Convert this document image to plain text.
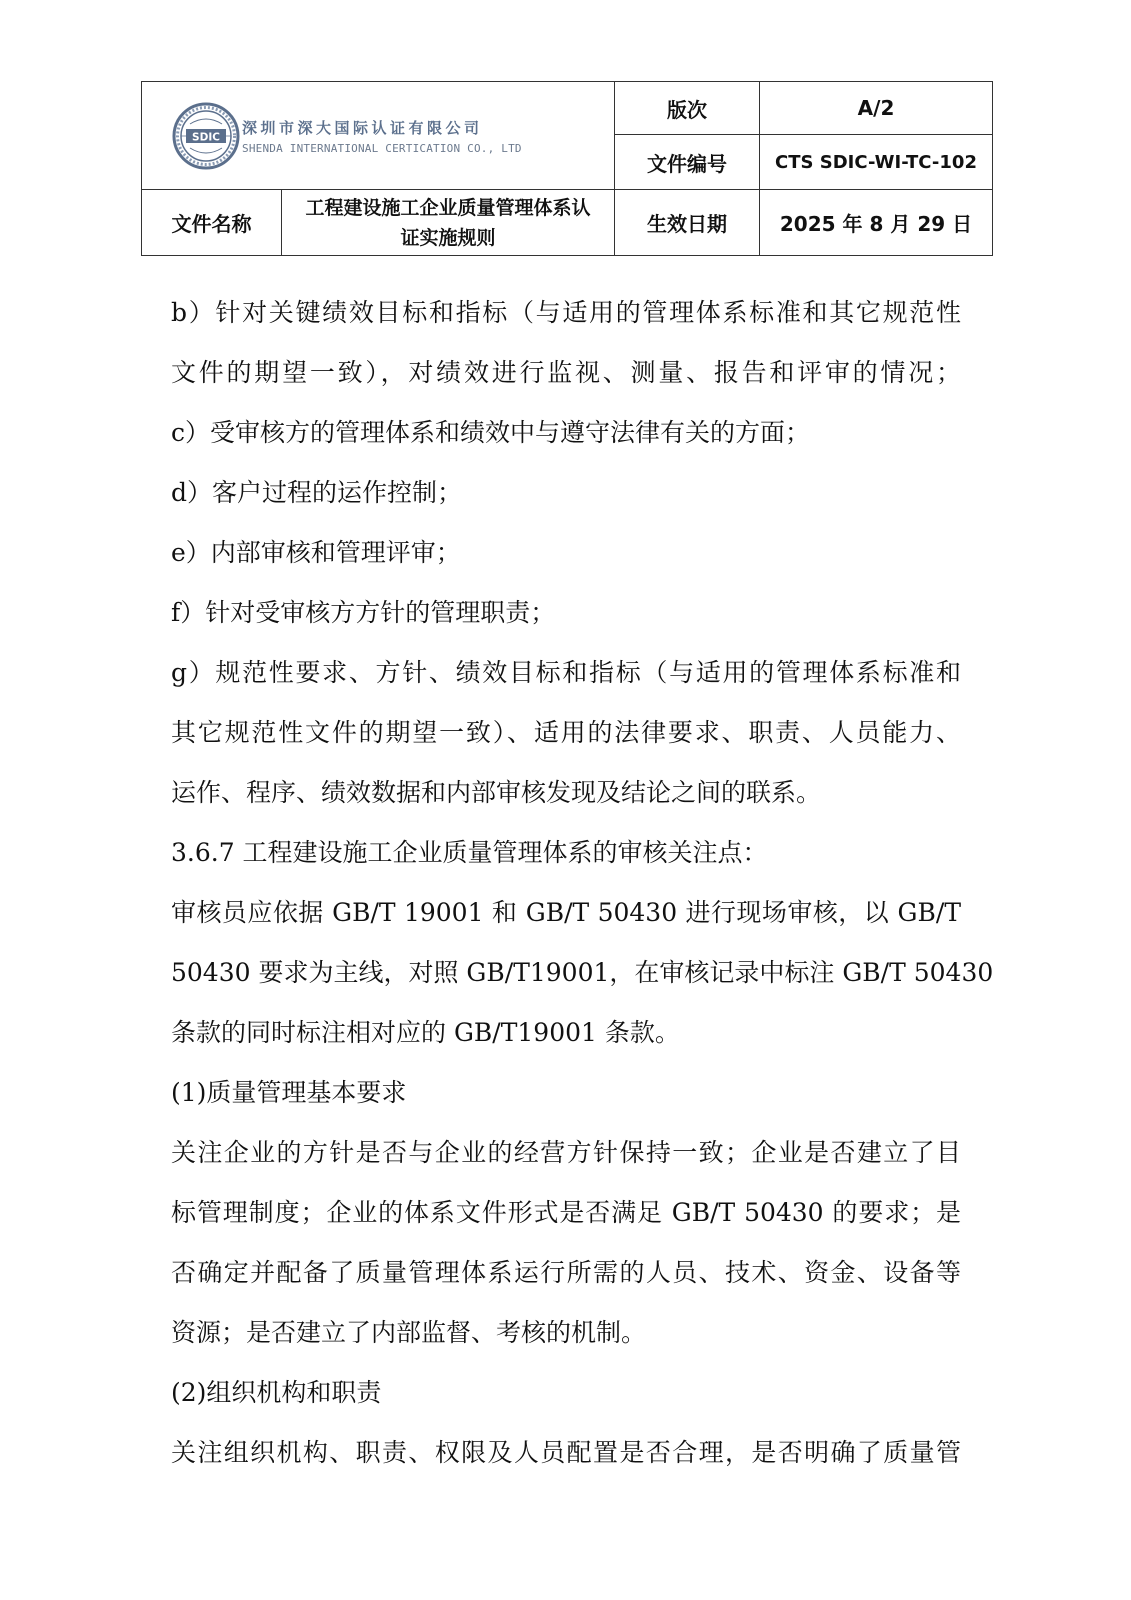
SDIC
深圳市深大国际认证有限公司
SHENDA INTERNATIONAL CERTICATION CO., LTD		版次	A/2
		文件编号	CTS SDIC-WI-TC-102
文件名称	工程建设施工企业质量管理体系认
证实施规则	生效日期	2025 年 8 月 29 日
b）针对关键绩效目标和指标（与适用的管理体系标准和其它规范性
文件的期望一致），对绩效进行监视、测量、报告和评审的情况；
c）受审核方的管理体系和绩效中与遵守法律有关的方面；
d）客户过程的运作控制；
e）内部审核和管理评审；
f）针对受审核方方针的管理职责；
g）规范性要求、方针、绩效目标和指标（与适用的管理体系标准和
其它规范性文件的期望一致）、适用的法律要求、职责、人员能力、
运作、程序、绩效数据和内部审核发现及结论之间的联系。
3.6.7 工程建设施工企业质量管理体系的审核关注点：
审核员应依据 GB/T 19001 和 GB/T 50430 进行现场审核，以 GB/T
50430 要求为主线，对照 GB/T19001，在审核记录中标注 GB/T 50430
条款的同时标注相对应的 GB/T19001 条款。
(1)质量管理基本要求
关注企业的方针是否与企业的经营方针保持一致；企业是否建立了目
标管理制度；企业的体系文件形式是否满足 GB/T 50430 的要求；是
否确定并配备了质量管理体系运行所需的人员、技术、资金、设备等
资源；是否建立了内部监督、考核的机制。
(2)组织机构和职责
关注组织机构、职责、权限及人员配置是否合理，是否明确了质量管
